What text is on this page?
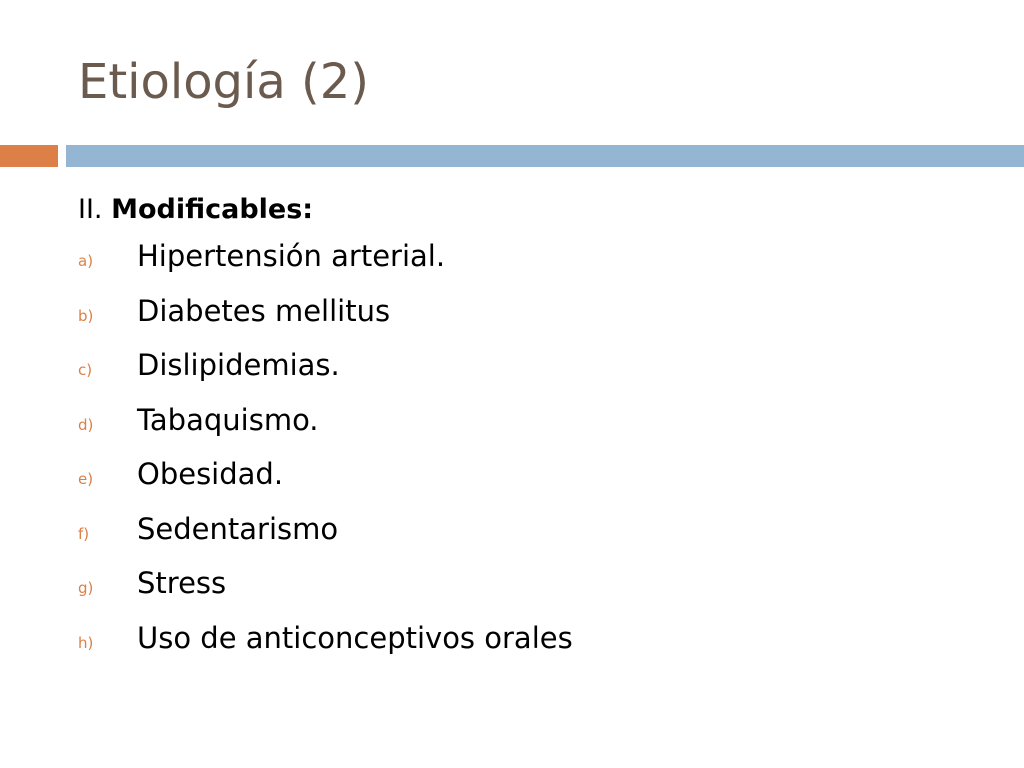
Etiología (2)
II. Modificables:
a)	Hipertensión arterial.
b)	Diabetes mellitus
c)	Dislipidemias.
d)	Tabaquismo.
e)	Obesidad.
f)	Sedentarismo
g)	Stress
h)	Uso de anticonceptivos orales
